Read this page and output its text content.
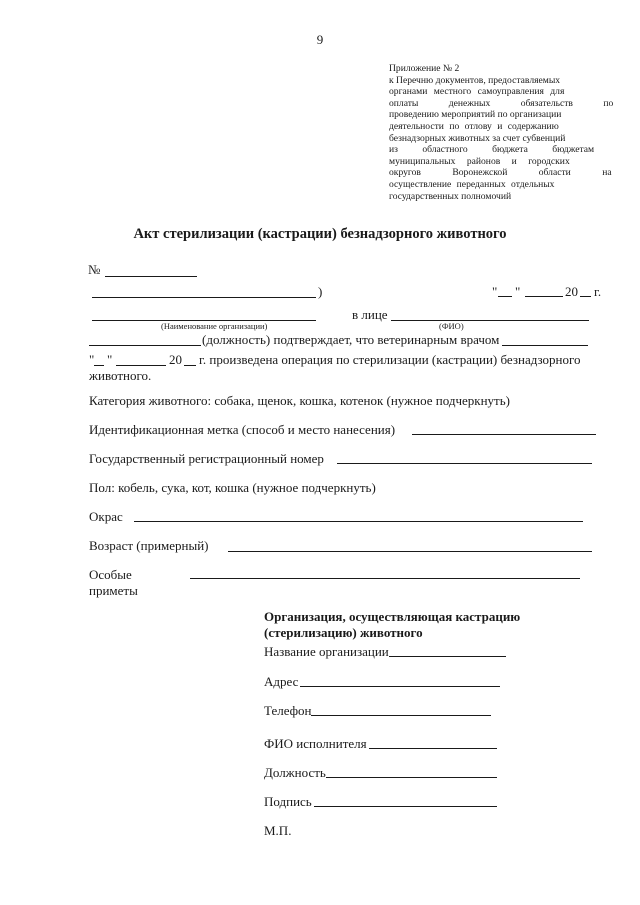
9
Приложение № 2
к Перечню документов, предоставляемых
органами местного самоуправления для
оплаты денежных обязательств по
проведению мероприятий по организации
деятельности по отлову и содержанию
безнадзорных животных за счет субвенций
из областного бюджета бюджетам
муниципальных районов и городских
округов Воронежской области на
осуществление переданных отдельных
государственных полномочий
Акт стерилизации (кастрации) безнадзорного животного
№
)	" "	20 г.
в лице
(Наименование организации)	(ФИО)
(должность) подтверждает, что ветеринарным врачом
" "	20 г. произведена операция по стерилизации (кастрации) безнадзорного
животного.
Категория животного: собака, щенок, кошка, котенок (нужное подчеркнуть)
Идентификационная метка (способ и место нанесения)
Государственный регистрационный номер
Пол: кобель, сука, кот, кошка (нужное подчеркнуть)
Окрас
Возраст (примерный)
Особые
приметы
Организация, осуществляющая кастрацию
(стерилизацию) животного
Название организации
Адрес
Телефон
ФИО исполнителя
Должность
Подпись
М.П.
